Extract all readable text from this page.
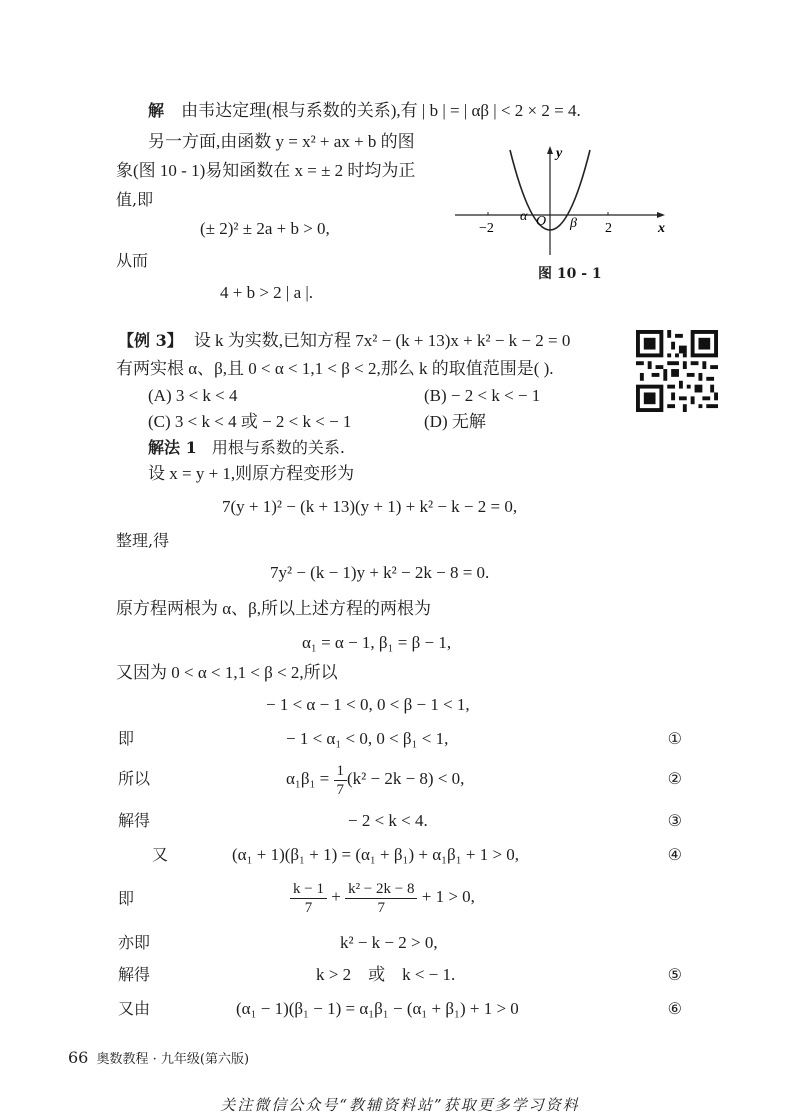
解 由韦达定理(根与系数的关系),有 | b | = | αβ | < 2 × 2 = 4.
另一方面,由函数 y = x² + ax + b 的图
象(图 10 - 1)易知函数在 x = ± 2 时均为正
值,即
(± 2)² ± 2a + b > 0,
从而
4 + b > 2 | a |.
−2	2
α O β
y
x
图 10 - 1
【例 3】 设 k 为实数,已知方程 7x² − (k + 13)x + k² − k − 2 = 0
有两实根 α、β,且 0 < α < 1,1 < β < 2,那么 k 的取值范围是( ).
(A) 3 < k < 4	(B) − 2 < k < − 1
(C) 3 < k < 4 或 − 2 < k < − 1	(D) 无解
解法 1 用根与系数的关系.
设 x = y + 1,则原方程变形为
7(y + 1)² − (k + 13)(y + 1) + k² − k − 2 = 0,
整理,得
7y² − (k − 1)y + k² − 2k − 8 = 0.
原方程两根为 α、β,所以上述方程的两根为
α₁ = α − 1, β₁ = β − 1,
又因为 0 < α < 1,1 < β < 2,所以
− 1 < α − 1 < 0, 0 < β − 1 < 1,
即	− 1 < α₁ < 0, 0 < β₁ < 1,	①
所以	$\alpha_1\beta_1 = \frac{1}{7} (k^2 - 2k - 8) < 0$,	②
解得	− 2 < k < 4.	③
又	(α₁ + 1)(β₁ + 1) = (α₁ + β₁) + α₁β₁ + 1 > 0,	④
即	$\frac{k - 1}{7} + \frac{\text{k² − 2k − 8}}{7} + 1 > 0$,
亦即	k² − k − 2 > 0,
解得	k > 2    或    k < − 1.	⑤
又由	(α₁ − 1)(β₁ − 1) = α₁β₁ − (α₁ + β₁) + 1 > 0	⑥
66 奥数教程 · 九年级(第六版)
关注微信公众号“教辅资料站”获取更多学习资料
